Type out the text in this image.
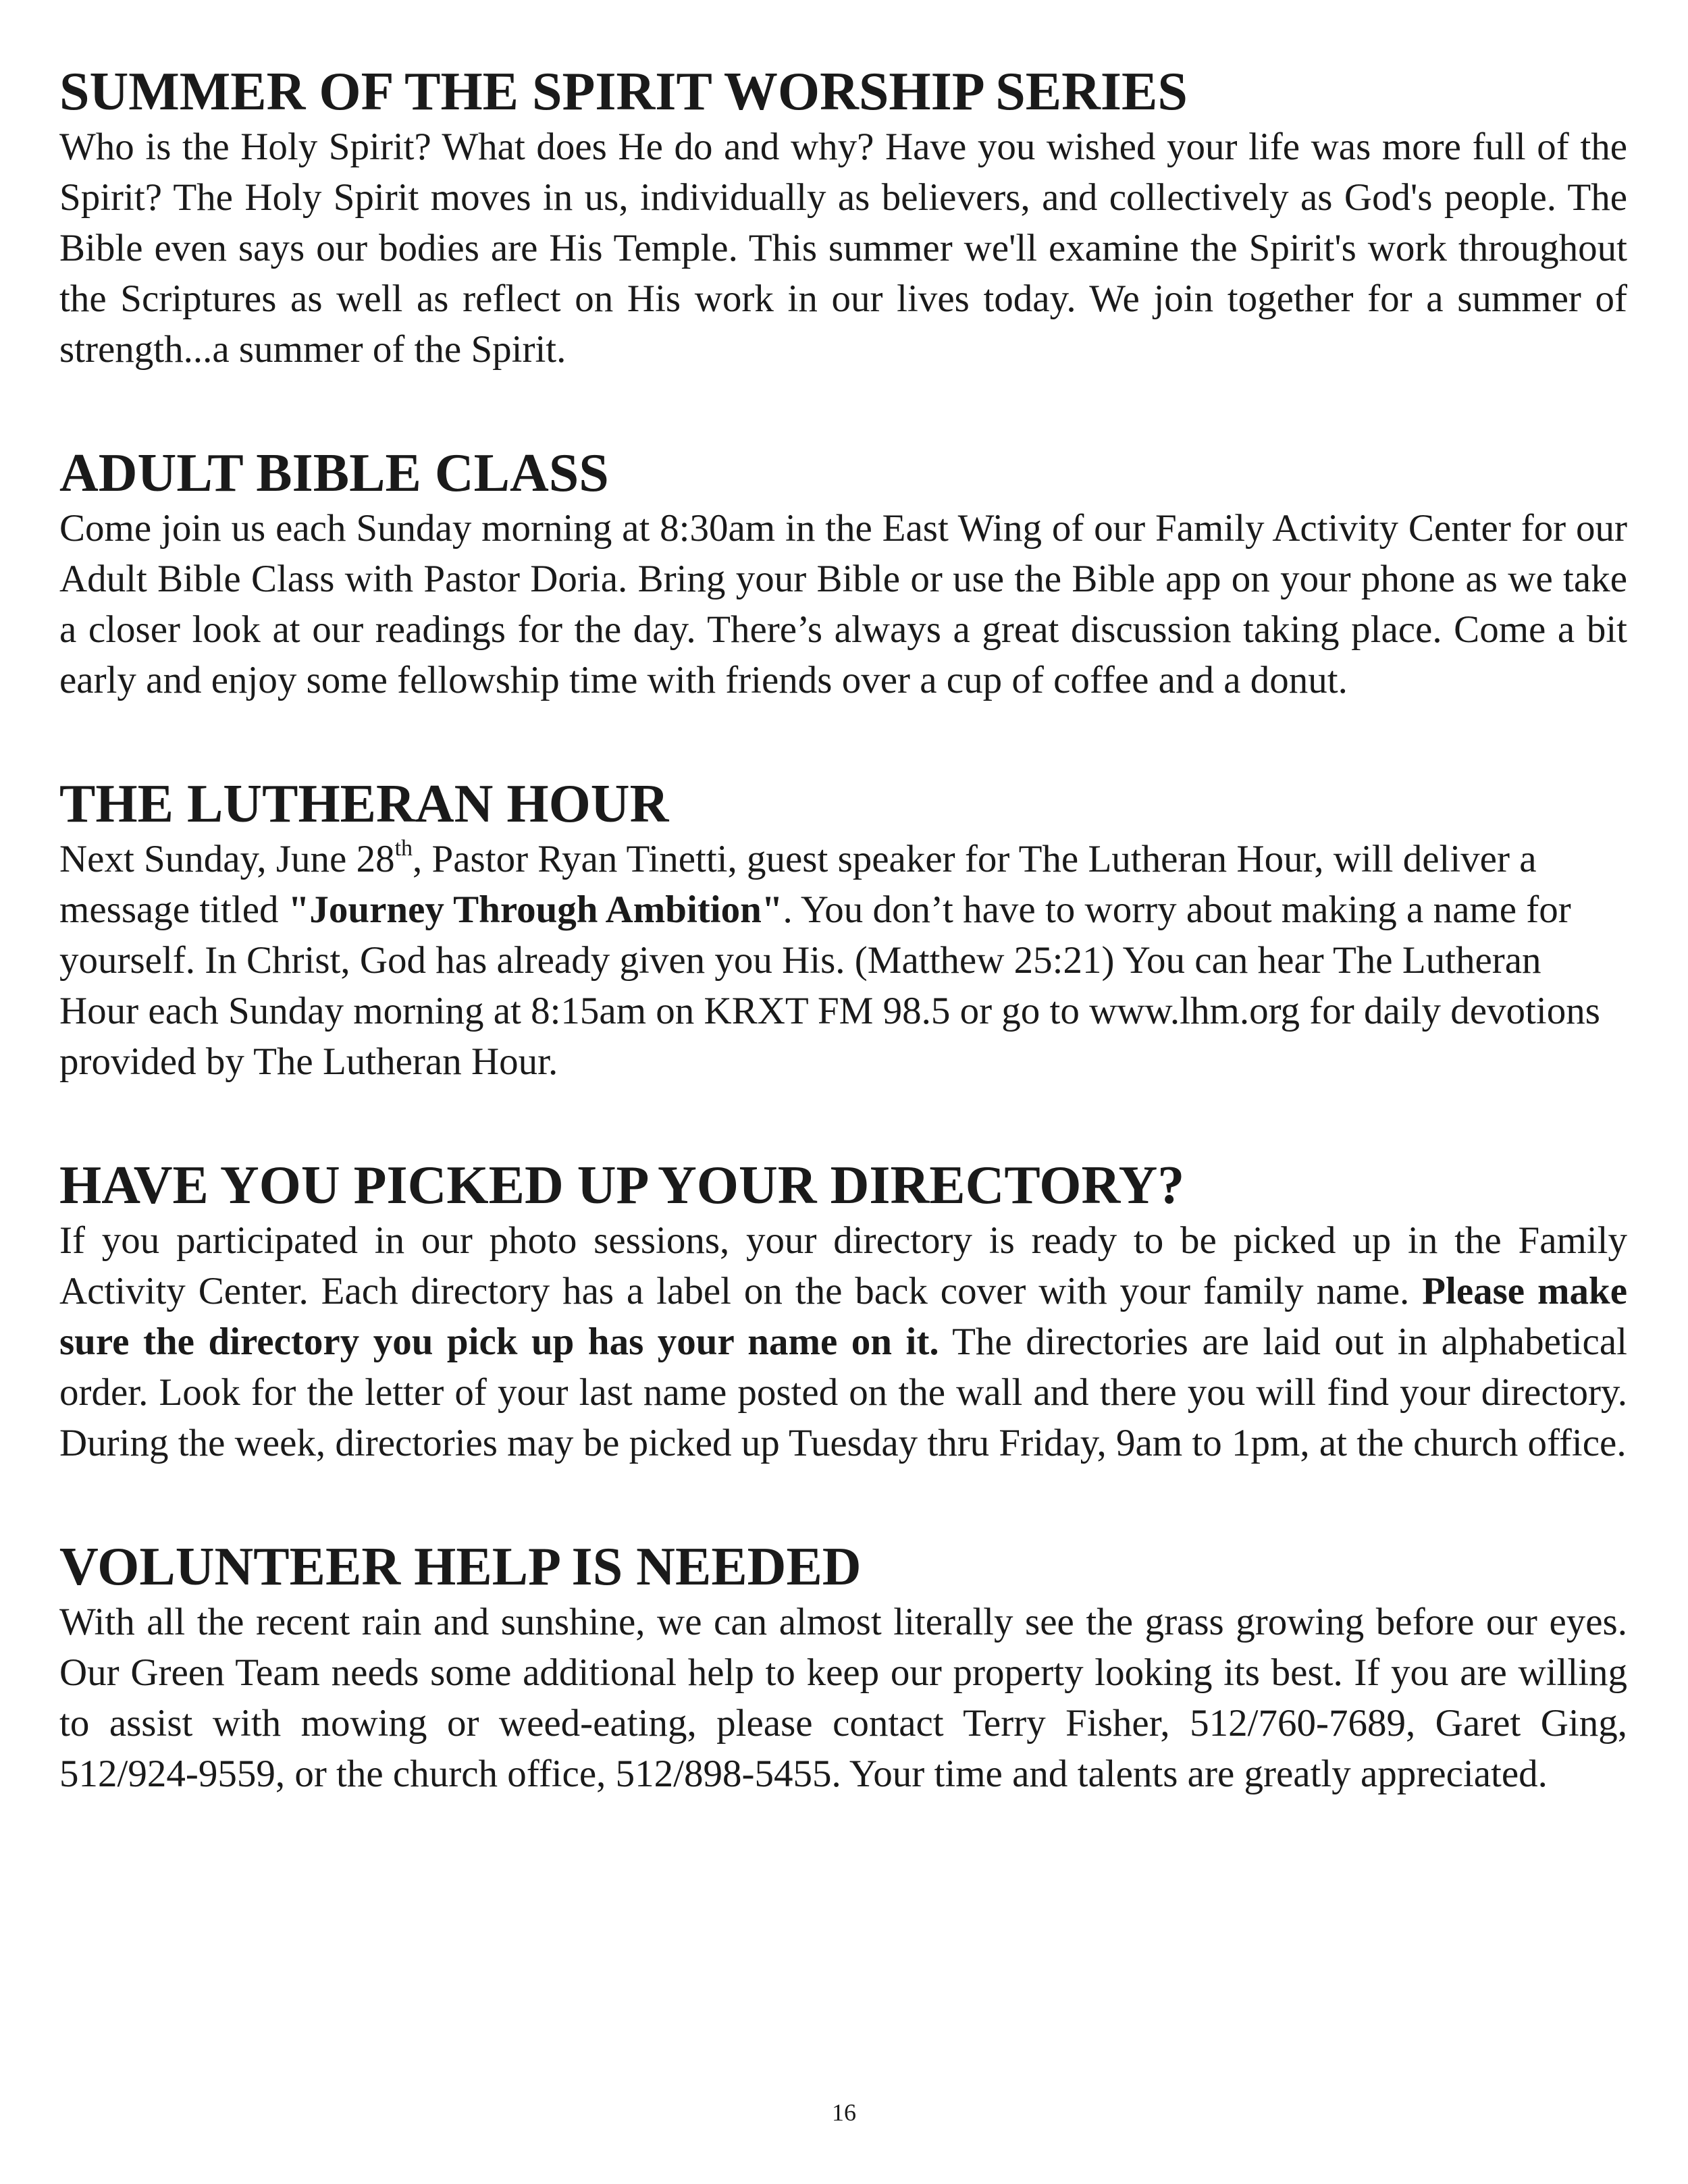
SUMMER OF THE SPIRIT WORSHIP SERIES

Who is the Holy Spirit? What does He do and why? Have you wished your life was more full of the Spirit? The Holy Spirit moves in us, individually as believers, and collectively as God's people. The Bible even says our bodies are His Temple. This summer we'll examine the Spirit's work throughout the Scriptures as well as reflect on His work in our lives today. We join together for a summer of strength...a summer of the Spirit.

ADULT BIBLE CLASS

Come join us each Sunday morning at 8:30am in the East Wing of our Family Activity Center for our Adult Bible Class with Pastor Doria. Bring your Bible or use the Bible app on your phone as we take a closer look at our readings for the day. There’s always a great discussion taking place. Come a bit early and enjoy some fellowship time with friends over a cup of coffee and a donut.

THE LUTHERAN HOUR

Next Sunday, June 28th, Pastor Ryan Tinetti, guest speaker for The Lutheran Hour, will deliver a message titled "Journey Through Ambition". You don’t have to worry about making a name for yourself. In Christ, God has already given you His. (Matthew 25:21) You can hear The Lutheran Hour each Sunday morning at 8:15am on KRXT FM 98.5 or go to www.lhm.org for daily devotions provided by The Lutheran Hour.

HAVE YOU PICKED UP YOUR DIRECTORY?

If you participated in our photo sessions, your directory is ready to be picked up in the Family Activity Center. Each directory has a label on the back cover with your family name. Please make sure the directory you pick up has your name on it. The directories are laid out in alphabetical order. Look for the letter of your last name posted on the wall and there you will find your directory. During the week, directories may be picked up Tuesday thru Friday, 9am to 1pm, at the church office.

VOLUNTEER HELP IS NEEDED

With all the recent rain and sunshine, we can almost literally see the grass growing before our eyes. Our Green Team needs some additional help to keep our property looking its best. If you are willing to assist with mowing or weed-eating, please contact Terry Fisher, 512/760-7689, Garet Ging, 512/924-9559, or the church office, 512/898-5455. Your time and talents are greatly appreciated.

16
